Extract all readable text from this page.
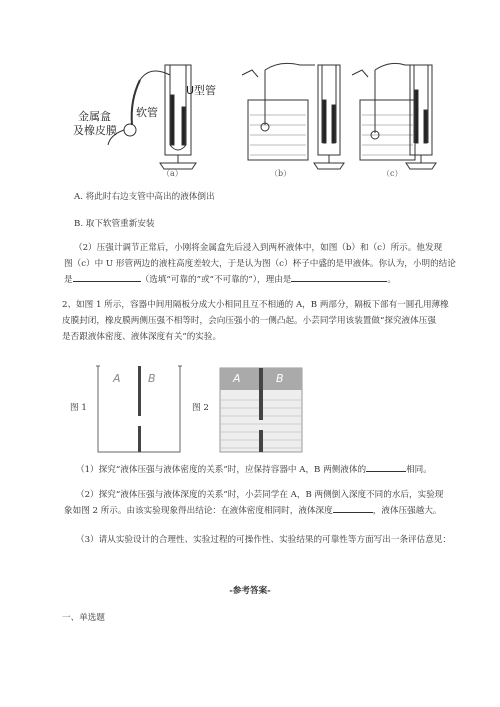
金属盒
及橡皮膜
软管
U型管
（a）	（b）	（c）
A. 将此时右边支管中高出的液体倒出
B. 取下软管重新安装
（2）压强计调节正常后，小刚将金属盒先后浸入到两杯液体中，如图（b）和（c）所示。他发现
图（c）中 U 形管两边的液柱高度差较大，于是认为图（c）杯子中盛的是甲液体。你认为，小明的结论
是	（选填“可靠的”或“不可靠的”），理由是	。
2、如图 1 所示，容器中间用隔板分成大小相同且互不相通的 A，B 两部分，隔板下部有一圆孔用薄橡
皮膜封闭，橡皮膜两侧压强不相等时，会向压强小的一侧凸起。小芸同学用该装置做“探究液体压强
是否跟液体密度、液体深度有关”的实验。
A B	A	B
图 1	图 2
（1）探究“液体压强与液体密度的关系”时，应保持容器中 A，B 两侧液体的	相同。
（2）探究“液体压强与液体深度的关系”时，小芸同学在 A，B 两侧倒入深度不同的水后，实验现
象如图 2 所示。由该实验现象得出结论：在液体密度相同时，液体深度	，液体压强越大。
（3）请从实验设计的合理性、实验过程的可操作性、实验结果的可靠性等方面写出一条评估意见：
-参考答案-
一、单选题
